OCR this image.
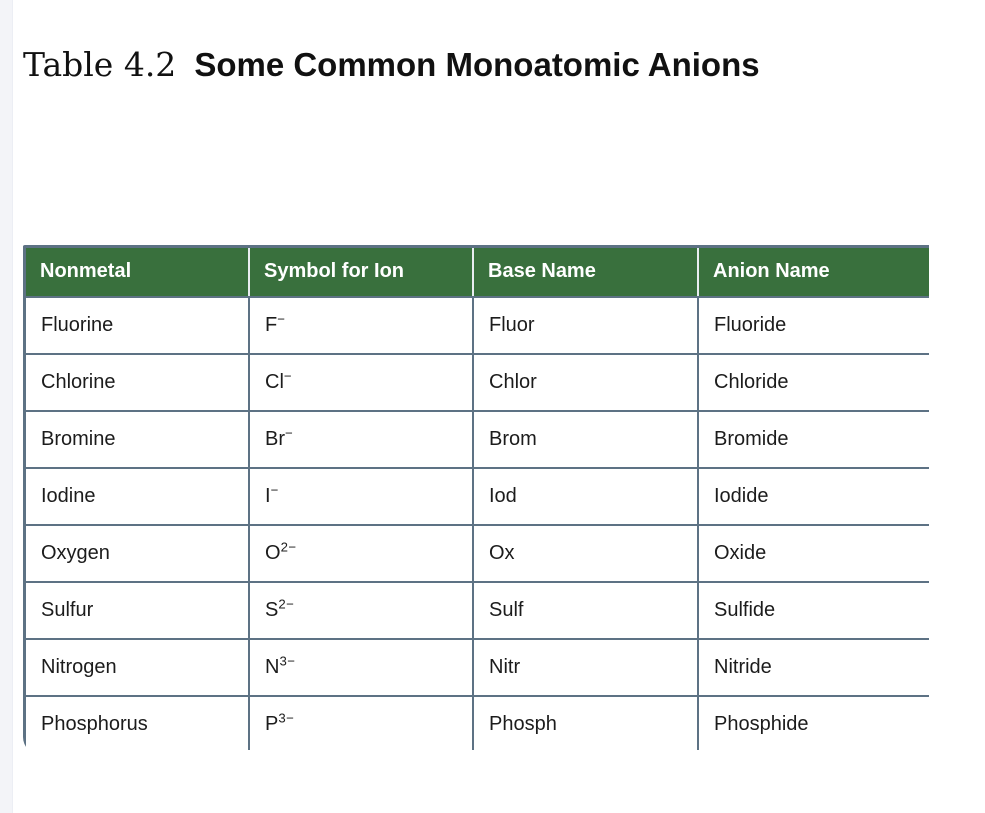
Table 4.2 Some Common Monoatomic Anions
Nonmetal	Symbol for Ion	Base Name	Anion Name
Fluorine	F−	Fluor	Fluoride
Chlorine	Cl−	Chlor	Chloride
Bromine	Br−	Brom	Bromide
Iodine	I−	Iod	Iodide
Oxygen	$O^{2-}$	Ox	Oxide
Sulfur	$S^{2-}$	Sulf	Sulfide
Nitrogen	$N^{3-}$	Nitr	Nitride
Phosphorus	$P^{3-}$	Phosph	Phosphide
